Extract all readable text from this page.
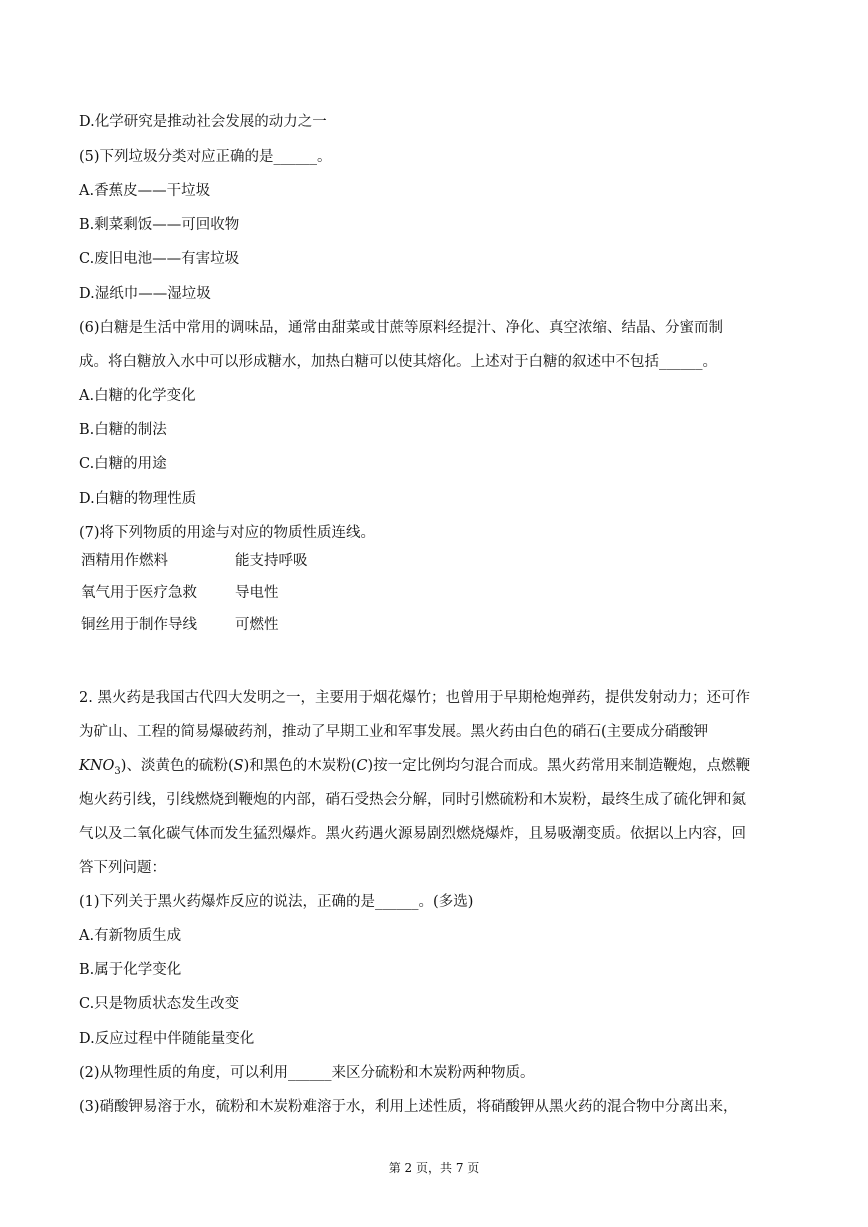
D.化学研究是推动社会发展的动力之一
(5)下列垃圾分类对应正确的是______。
A.香蕉皮——干垃圾
B.剩菜剩饭——可回收物
C.废旧电池——有害垃圾
D.湿纸巾——湿垃圾
(6)白糖是生活中常用的调味品，通常由甜菜或甘蔗等原料经提汁、净化、真空浓缩、结晶、分蜜而制
成。将白糖放入水中可以形成糖水，加热白糖可以使其熔化。上述对于白糖的叙述中不包括______。
A.白糖的化学变化
B.白糖的制法
C.白糖的用途
D.白糖的物理性质
(7)将下列物质的用途与对应的物质性质连线。
酒精用作燃料
氧气用于医疗急救
铜丝用于制作导线
能支持呼吸
导电性
可燃性
2. 黑火药是我国古代四大发明之一，主要用于烟花爆竹；也曾用于早期枪炮弹药，提供发射动力；还可作
为矿山、工程的简易爆破药剂，推动了早期工业和军事发展。黑火药由白色的硝石(主要成分硝酸钾
$KNO_3$)、淡黄色的硫粉(S)和黑色的木炭粉(C)按一定比例均匀混合而成。黑火药常用来制造鞭炮，点燃鞭
炮火药引线，引线燃烧到鞭炮的内部，硝石受热会分解，同时引燃硫粉和木炭粉，最终生成了硫化钾和氮
气以及二氧化碳气体而发生猛烈爆炸。黑火药遇火源易剧烈燃烧爆炸，且易吸潮变质。依据以上内容，回
答下列问题：
(1)下列关于黑火药爆炸反应的说法，正确的是______。(多选)
A.有新物质生成
B.属于化学变化
C.只是物质状态发生改变
D.反应过程中伴随能量变化
(2)从物理性质的角度，可以利用______来区分硫粉和木炭粉两种物质。
(3)硝酸钾易溶于水，硫粉和木炭粉难溶于水，利用上述性质，将硝酸钾从黑火药的混合物中分离出来，
第 2 页，共 7 页
